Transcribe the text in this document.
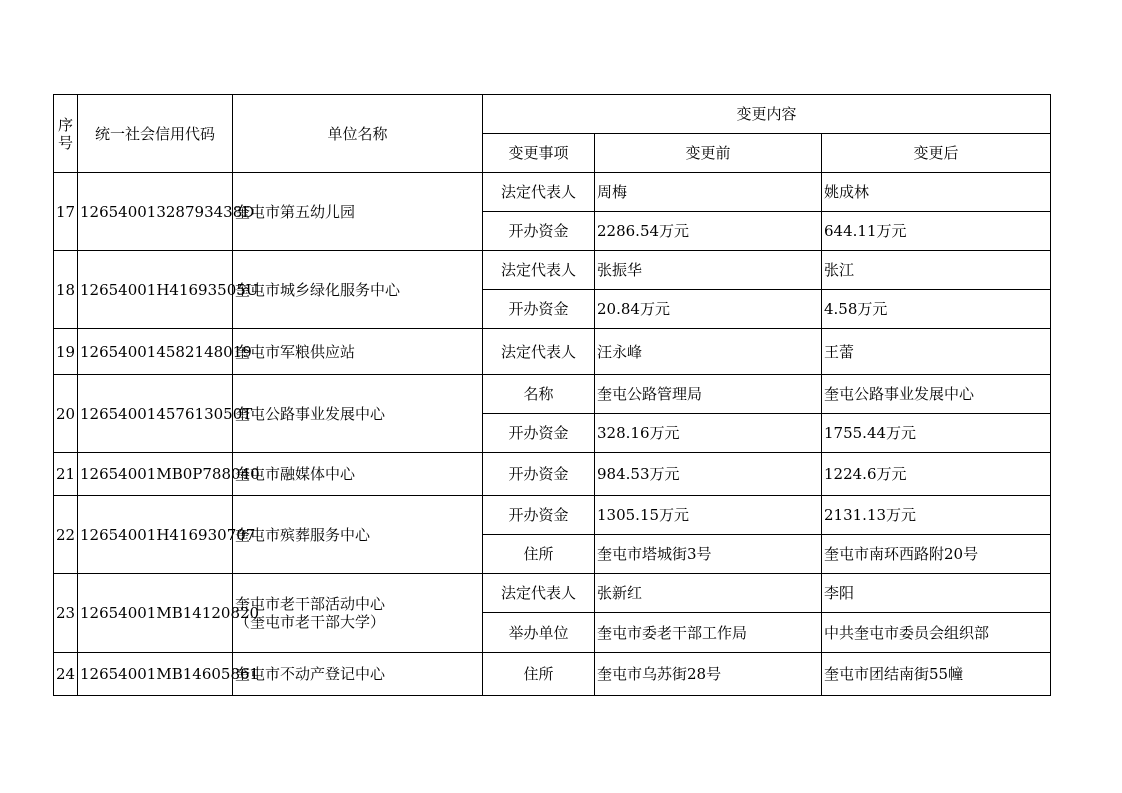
序号	统一社会信用代码	单位名称	变更内容		
			变更事项	变更前	变更后
17	12654001328793438D	奎屯市第五幼儿园	法定代表人	周梅	姚成林
			开办资金	2286.54万元	644.11万元
18	12654001H41693505U	奎屯市城乡绿化服务中心	法定代表人	张振华	张江
			开办资金	20.84万元	4.58万元
19	126540014582148019	奎屯市军粮供应站	法定代表人	汪永峰	王蕾
20	12654001457613050T	奎屯公路事业发展中心	名称	奎屯公路管理局	奎屯公路事业发展中心
			开办资金	328.16万元	1755.44万元
21	12654001MB0P788040	奎屯市融媒体中心	开办资金	984.53万元	1224.6万元
22	12654001H416930707	奎屯市殡葬服务中心	开办资金	1305.15万元	2131.13万元
			住所	奎屯市塔城街3号	奎屯市南环西路附20号
23	12654001MB14120820	奎屯市老干部活动中心
（奎屯市老干部大学）	法定代表人	张新红	李阳
			举办单位	奎屯市委老干部工作局	中共奎屯市委员会组织部
24	12654001MB14605861	奎屯市不动产登记中心	住所	奎屯市乌苏街28号	奎屯市团结南街55幢
